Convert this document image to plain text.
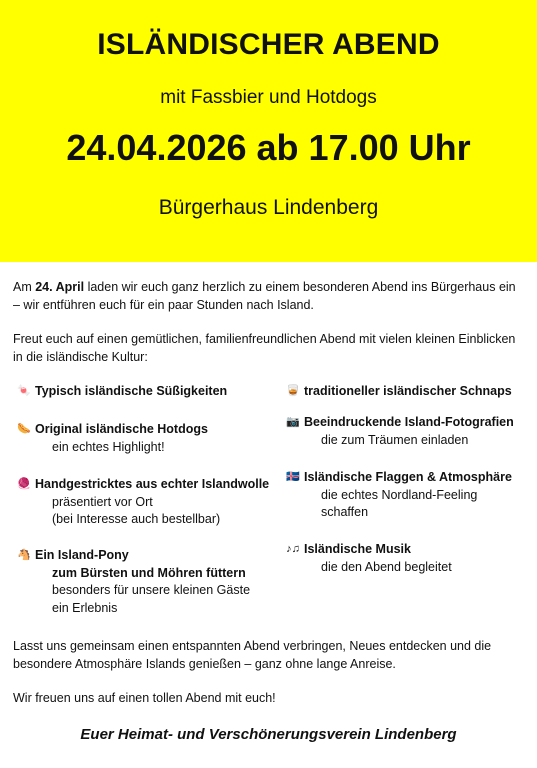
ISLÄNDISCHER ABEND
mit Fassbier und Hotdogs
24.04.2026 ab 17.00 Uhr
Bürgerhaus Lindenberg
Am 24. April laden wir euch ganz herzlich zu einem besonderen Abend ins Bürgerhaus ein – wir entführen euch für ein paar Stunden nach Island.
Freut euch auf einen gemütlichen, familienfreundlichen Abend mit vielen kleinen Einblicken in die isländische Kultur:
🍬 Typisch isländische Süßigkeiten
🌭 Original isländische Hotdogs
ein echtes Highlight!
🧶 Handgestricktes aus echter Islandwolle
präsentiert vor Ort
(bei Interesse auch bestellbar)
🐴 Ein Island-Pony
zum Bürsten und Möhren füttern
besonders für unsere kleinen Gäste
ein Erlebnis
🥃 traditioneller isländischer Schnaps
📷 Beeindruckende Island-Fotografien
die zum Träumen einladen
🇮🇸 Isländische Flaggen & Atmosphäre
die echtes Nordland-Feeling
schaffen
♪♫ Isländische Musik
die den Abend begleitet
Lasst uns gemeinsam einen entspannten Abend verbringen, Neues entdecken und die besondere Atmosphäre Islands genießen – ganz ohne lange Anreise.
Wir freuen uns auf einen tollen Abend mit euch!
Euer Heimat- und Verschönerungsverein Lindenberg
